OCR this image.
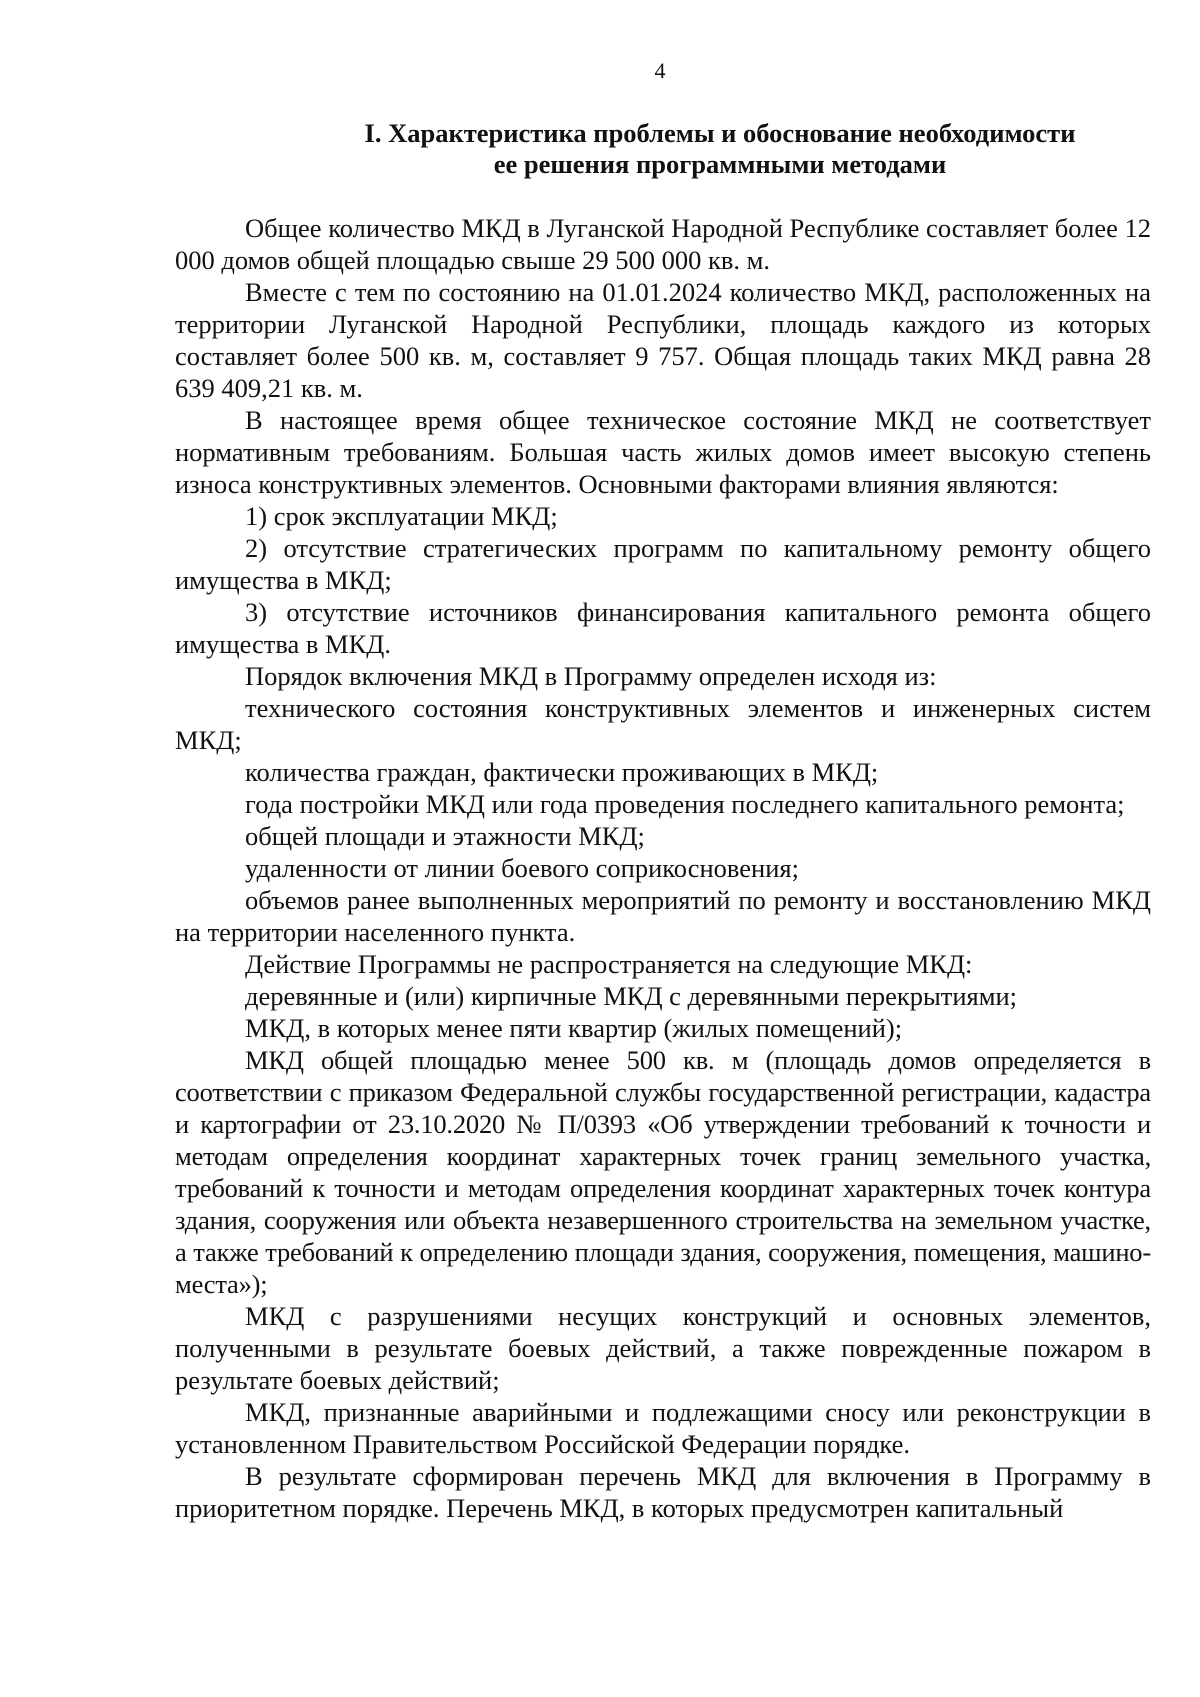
4
I. Характеристика проблемы и обоснование необходимости
ее решения программными методами

Общее количество МКД в Луганской Народной Республике составляет более 12 000 домов общей площадью свыше 29 500 000 кв. м.

Вместе с тем по состоянию на 01.01.2024 количество МКД, расположенных на территории Луганской Народной Республики, площадь каждого из которых составляет более 500 кв. м, составляет 9 757. Общая площадь таких МКД равна 28 639 409,21 кв. м.

В настоящее время общее техническое состояние МКД не соответствует нормативным требованиям. Большая часть жилых домов имеет высокую степень износа конструктивных элементов. Основными факторами влияния являются:

1) срок эксплуатации МКД;

2) отсутствие стратегических программ по капитальному ремонту общего имущества в МКД;

3) отсутствие источников финансирования капитального ремонта общего имущества в МКД.

Порядок включения МКД в Программу определен исходя из:

технического состояния конструктивных элементов и инженерных систем МКД;

количества граждан, фактически проживающих в МКД;

года постройки МКД или года проведения последнего капитального ремонта;

общей площади и этажности МКД;

удаленности от линии боевого соприкосновения;

объемов ранее выполненных мероприятий по ремонту и восстановлению МКД на территории населенного пункта.

Действие Программы не распространяется на следующие МКД:

деревянные и (или) кирпичные МКД с деревянными перекрытиями;

МКД, в которых менее пяти квартир (жилых помещений);

МКД общей площадью менее 500 кв. м (площадь домов определяется в соответствии с приказом Федеральной службы государственной регистрации, кадастра и картографии от 23.10.2020 № П/0393 «Об утверждении требований к точности и методам определения координат характерных точек границ земельного участка, требований к точности и методам определения координат характерных точек контура здания, сооружения или объекта незавершенного строительства на земельном участке, а также требований к определению площади здания, сооружения, помещения, машино-места»);

МКД с разрушениями несущих конструкций и основных элементов, полученными в результате боевых действий, а также поврежденные пожаром в результате боевых действий;

МКД, признанные аварийными и подлежащими сносу или реконструкции в установленном Правительством Российской Федерации порядке.

В результате сформирован перечень МКД для включения в Программу в приоритетном порядке. Перечень МКД, в которых предусмотрен капитальный
